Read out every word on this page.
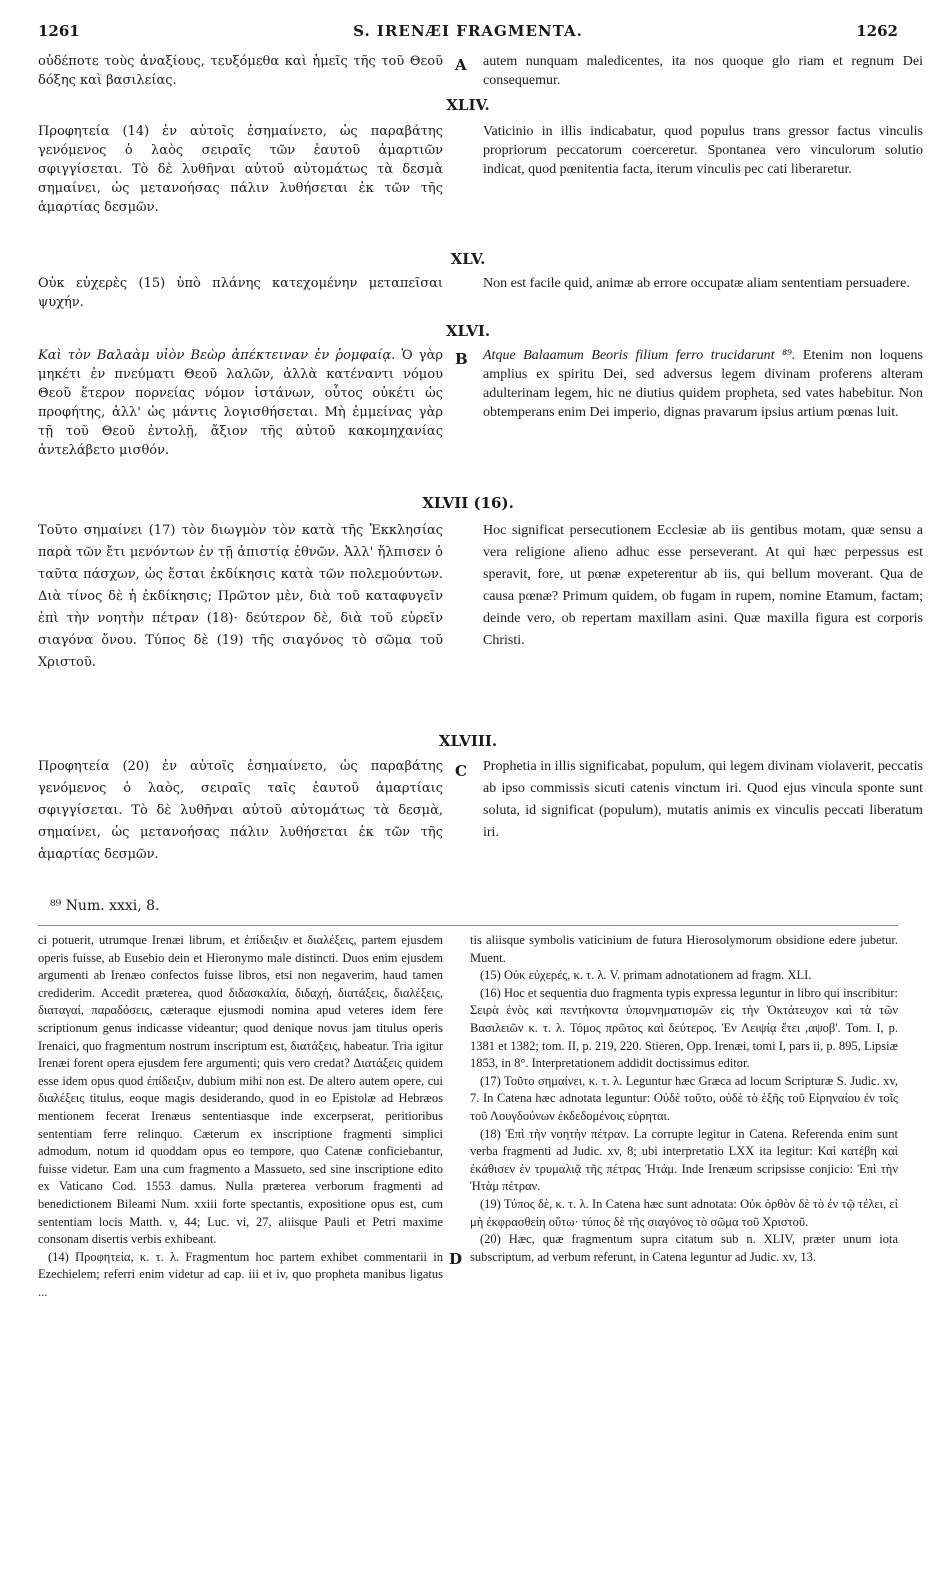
S. IRENÆI FRAGMENTA.
1261	1262

οὐδέποτε τοὺς ἀναξίους, τευξόμεθα καὶ ἡμεῖς τῆς τοῦ Θεοῦ δόξης καὶ βασιλείας.

A autem nunquam maledicentes, ita nos quoque glo riam et regnum Dei consequemur.

XLIV.

Προφητεία (14) ἐν αὐτοῖς ἐσημαίνετο, ὡς παραβάτης γενόμενος ὁ λαὸς σειραῖς τῶν ἑαυτοῦ ἁμαρτιῶν σφιγγίσεται. Τὸ δὲ λυθῆναι αὐτοῦ αὐτομάτως τὰ δεσμὰ σημαίνει, ὡς μετανοήσας πάλιν λυθήσεται ἐκ τῶν τῆς ἁμαρτίας δεσμῶν.

Vaticinio in illis indicabatur, quod populus trans gressor factus vinculis propriorum peccatorum coerceretur. Spontanea vero vinculorum solutio indicat, quod pœnitentia facta, iterum vinculis pec cati liberaretur.

XLV.

Οὐκ εὐχερὲς (15) ὑπὸ πλάνης κατεχομένην μεταπεῖσαι ψυχήν.

Non est facile quid, animæ ab errore occupatæ aliam sententiam persuadere.

XLVI.
B

Καὶ τὸν Βαλαὰμ υἱὸν Βεὼρ ἀπέκτειναν ἐν ῥομφαίᾳ. Ὁ γὰρ μηκέτι ἐν πνεύματι Θεοῦ λαλῶν, ἀλλὰ κατέναντι νόμου Θεοῦ ἕτερον πορνείας νόμον ἱστάνων, οὗτος οὐκέτι ὡς προφήτης, ἀλλ' ὡς μάντις λογισθήσεται. Μὴ ἐμμείνας γὰρ τῇ τοῦ Θεοῦ ἐντολῇ, ἄξιον τῆς αὐτοῦ κακομηχανίας ἀντελάβετο μισθόν.

Atque Balaamum Beoris filium ferro trucidarunt ⁸⁹. Etenim non loquens amplius ex spiritu Dei, sed adversus legem divinam proferens alteram adulterinam legem, hic ne diutius quidem propheta, sed vates habebitur. Non obtemperans enim Dei imperio, dignas pravarum ipsius artium pœnas luit.

XLVII (16).

Τοῦτο σημαίνει (17) τὸν διωγμὸν τὸν κατὰ τῆς Ἐκκλησίας παρὰ τῶν ἔτι μενόντων ἐν τῇ ἀπιστίᾳ ἐθνῶν. Ἀλλ' ἤλπισεν ὁ ταῦτα πάσχων, ὡς ἔσται ἐκδίκησις κατὰ τῶν πολεμούντων. Διὰ τίνος δὲ ἡ ἐκδίκησις; Πρῶτον μὲν, διὰ τοῦ καταφυγεῖν ἐπὶ τὴν νοητὴν πέτραν (18)· δεύτερον δὲ, διὰ τοῦ εὑρεῖν σιαγόνα ὄνου. Τύπος δὲ (19) τῆς σιαγόνος τὸ σῶμα τοῦ Χριστοῦ.

Hoc significat persecutionem Ecclesiæ ab iis gentibus motam, quæ sensu a vera religione alieno adhuc esse perseverant. At qui hæc perpessus est speravit, fore, ut pœnæ expeterentur ab iis, qui bellum moverant. Qua de causa pœnæ? Primum quidem, ob fugam in rupem, nomine Etamum, factam; deinde vero, ob repertam maxillam asini. Quæ maxilla figura est corporis Christi.

XLVIII.
C

Προφητεία (20) ἐν αὐτοῖς ἐσημαίνετο, ὡς παραβάτης γενόμενος ὁ λαὸς, σειραῖς ταῖς ἑαυτοῦ ἁμαρτίαις σφιγγίσεται. Τὸ δὲ λυθῆναι αὐτοῦ αὐτομάτως τὰ δεσμὰ, σημαίνει, ὡς μετανοήσας πάλιν λυθήσεται ἐκ τῶν τῆς ἁμαρτίας δεσμῶν.

Prophetia in illis significabat, populum, qui legem divinam violaverit, peccatis ab ipso commissis sicuti catenis vinctum iri. Quod ejus vincula sponte sunt soluta, id significat (populum), mutatis animis ex vinculis peccati liberatum iri.

⁸⁹ Num. xxxi, 8.

ci potuerit, utrumque Irenæi librum, et ἐπίδειξιν et διαλέξεις, partem ejusdem operis fuisse, ab Eusebio dein et Hieronymo male distincti. Duos enim ejusdem argumenti ab Irenæo confectos fuisse libros, etsi non negaverim, haud tamen crediderim. Accedit præterea, quod διδασκαλία, διδαχή, διατάξεις, διαλέξεις, διαταγαί, παραδόσεις, cæteraque ejusmodi nomina apud veteres idem fere scriptionum genus indicasse videantur; quod denique novus jam titulus operis Irenaici, quo fragmentum nostrum inscriptum est, διατάξεις, habeatur. Tria igitur Irenæi forent opera ejusdem fere argumenti; quis vero credat? Διατάξεις quidem esse idem opus quod ἐπίδειξιν, dubium mihi non est. De altero autem opere, cui διαλέξεις titulus, eoque magis desiderando, quod in eo Epistolæ ad Hebræos mentionem fecerat Irenæus sententiasque inde excerpserat, peritioribus sententiam ferre relinquo. Cæterum ex inscriptione fragmenti simplici admodum, notum id quoddam opus eo tempore, quo Catenæ conficiebantur, fuisse videtur. Eam una cum fragmento a Massueto, sed sine inscriptione edito ex Vaticano Cod. 1553 damus. Nulla præterea verborum fragmenti ad benedictionem Bileami Num. xxiii forte spectantis, expositione opus est, cum sententiam locis Matth. v, 44; Luc. vi, 27, aliisque Pauli et Petri maxime consonam disertis verbis exhibeant.

(14) Προφητεία, κ. τ. λ. Fragmentum hoc partem exhibet commentarii in Ezechielem; referri enim videtur ad cap. iii et iv, quo propheta manibus ligatus ...

D

tis aliisque symbolis vaticinium de futura Hierosolymorum obsidione edere jubetur. Muent.

(15) Οὐκ εὐχερές, κ. τ. λ. V. primam adnotationem ad fragm. XLI.

(16) Hoc et sequentia duo fragmenta typis expressa leguntur in libro qui inscribitur: Σειρὰ ἑνὸς καὶ πεντήκοντα ὑπομνηματισμῶν εἰς τὴν Ὀκτάτευχον καὶ τὰ τῶν Βασιλειῶν κ. τ. λ. Τόμος πρῶτος καὶ δεύτερος. Ἐν Λειψίᾳ ἔτει ,αψοβ'. Tom. I, p. 1381 et 1382; tom. II, p. 219, 220. Stieren, Opp. Irenæi, tomi I, pars ii, p. 895, Lipsiæ 1853, in 8°. Interpretationem addidit doctissimus editor.

(17) Τοῦτο σημαίνει, κ. τ. λ. Leguntur hæc Græca ad locum Scripturæ S. Judic. xv, 7. In Catena hæc adnotata leguntur: Οὐδὲ τοῦτο, οὐδὲ τὸ ἑξῆς τοῦ Εἰρηναίου ἐν τοῖς τοῦ Λουγδούνων ἐκδεδομένοις εὑρηται.

(18) Ἐπὶ τὴν νοητὴν πέτραν. La corrupte legitur in Catena. Referenda enim sunt verba fragmenti ad Judic. xv, 8; ubi interpretatio LXX ita legitur: Καὶ κατέβη καὶ ἐκάθισεν ἐν τρυμαλιᾷ τῆς πέτρας Ἠτάμ. Inde Irenæum scripsisse conjicio: Ἐπὶ τὴν Ἠτὰμ πέτραν.

(19) Τύπος δὲ, κ. τ. λ. In Catena hæc sunt adnotata: Οὐκ ὀρθὸν δὲ τὸ ἐν τῷ τέλει, εἰ μὴ ἐκφρασθείη οὕτω· τύπος δὲ τῆς σιαγόνος τὸ σῶμα τοῦ Χριστοῦ.

(20) Hæc, quæ fragmentum supra citatum sub n. XLIV, præter unum iota subscriptum, ad verbum referunt, in Catena leguntur ad Judic. xv, 13.
